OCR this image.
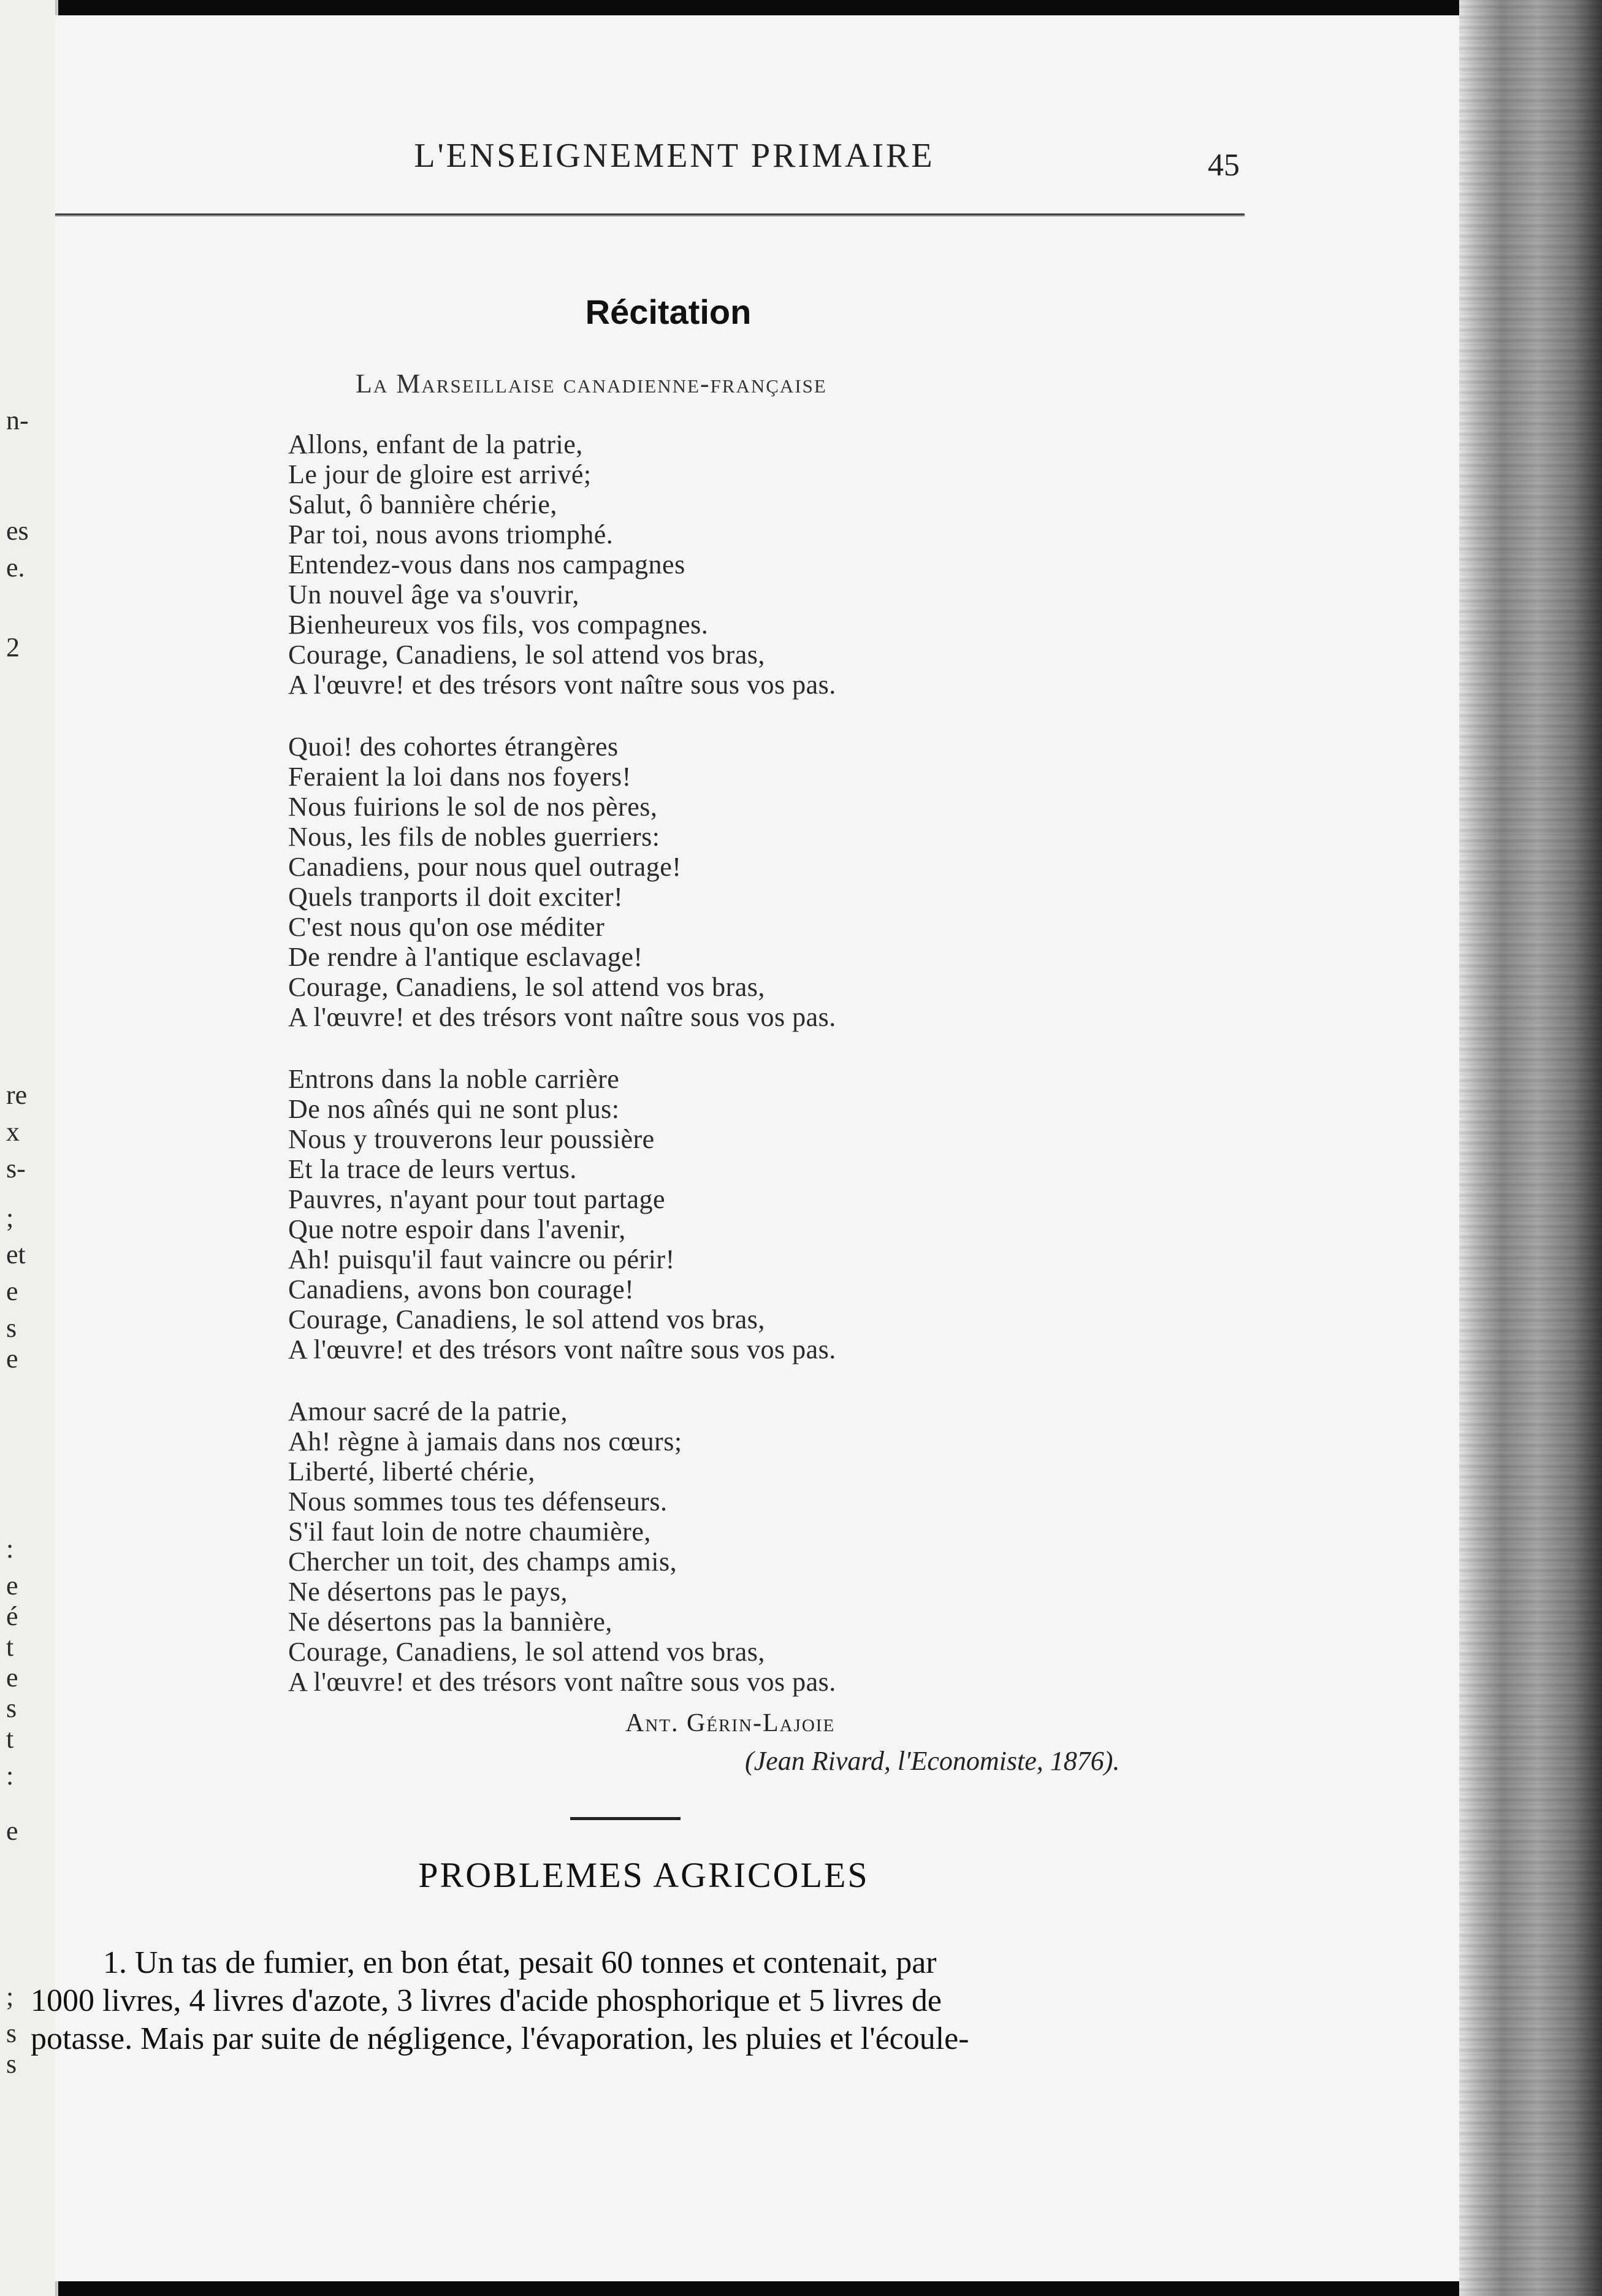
n-
es
e.
2
re
x
s-
;
et
e
s
e
:
e
é
t
e
s
t
:
e
;
s
s
L'ENSEIGNEMENT PRIMAIRE	45
Récitation
La Marseillaise canadienne-française
Allons, enfant de la patrie,
Le jour de gloire est arrivé;
Salut, ô bannière chérie,
Par toi, nous avons triomphé.
Entendez-vous dans nos campagnes
Un nouvel âge va s'ouvrir,
Bienheureux vos fils, vos compagnes.
Courage, Canadiens, le sol attend vos bras,
A l'œuvre! et des trésors vont naître sous vos pas.
Quoi! des cohortes étrangères
Feraient la loi dans nos foyers!
Nous fuirions le sol de nos pères,
Nous, les fils de nobles guerriers:
Canadiens, pour nous quel outrage!
Quels tranports il doit exciter!
C'est nous qu'on ose méditer
De rendre à l'antique esclavage!
Courage, Canadiens, le sol attend vos bras,
A l'œuvre! et des trésors vont naître sous vos pas.
Entrons dans la noble carrière
De nos aînés qui ne sont plus:
Nous y trouverons leur poussière
Et la trace de leurs vertus.
Pauvres, n'ayant pour tout partage
Que notre espoir dans l'avenir,
Ah! puisqu'il faut vaincre ou périr!
Canadiens, avons bon courage!
Courage, Canadiens, le sol attend vos bras,
A l'œuvre! et des trésors vont naître sous vos pas.
Amour sacré de la patrie,
Ah! règne à jamais dans nos cœurs;
Liberté, liberté chérie,
Nous sommes tous tes défenseurs.
S'il faut loin de notre chaumière,
Chercher un toit, des champs amis,
Ne désertons pas le pays,
Ne désertons pas la bannière,
Courage, Canadiens, le sol attend vos bras,
A l'œuvre! et des trésors vont naître sous vos pas.
Ant. Gérin-Lajoie
(Jean Rivard, l'Economiste, 1876).
PROBLEMES AGRICOLES
1. Un tas de fumier, en bon état, pesait 60 tonnes et contenait, par
1000 livres, 4 livres d'azote, 3 livres d'acide phosphorique et 5 livres de
potasse. Mais par suite de négligence, l'évaporation, les pluies et l'écoule-
